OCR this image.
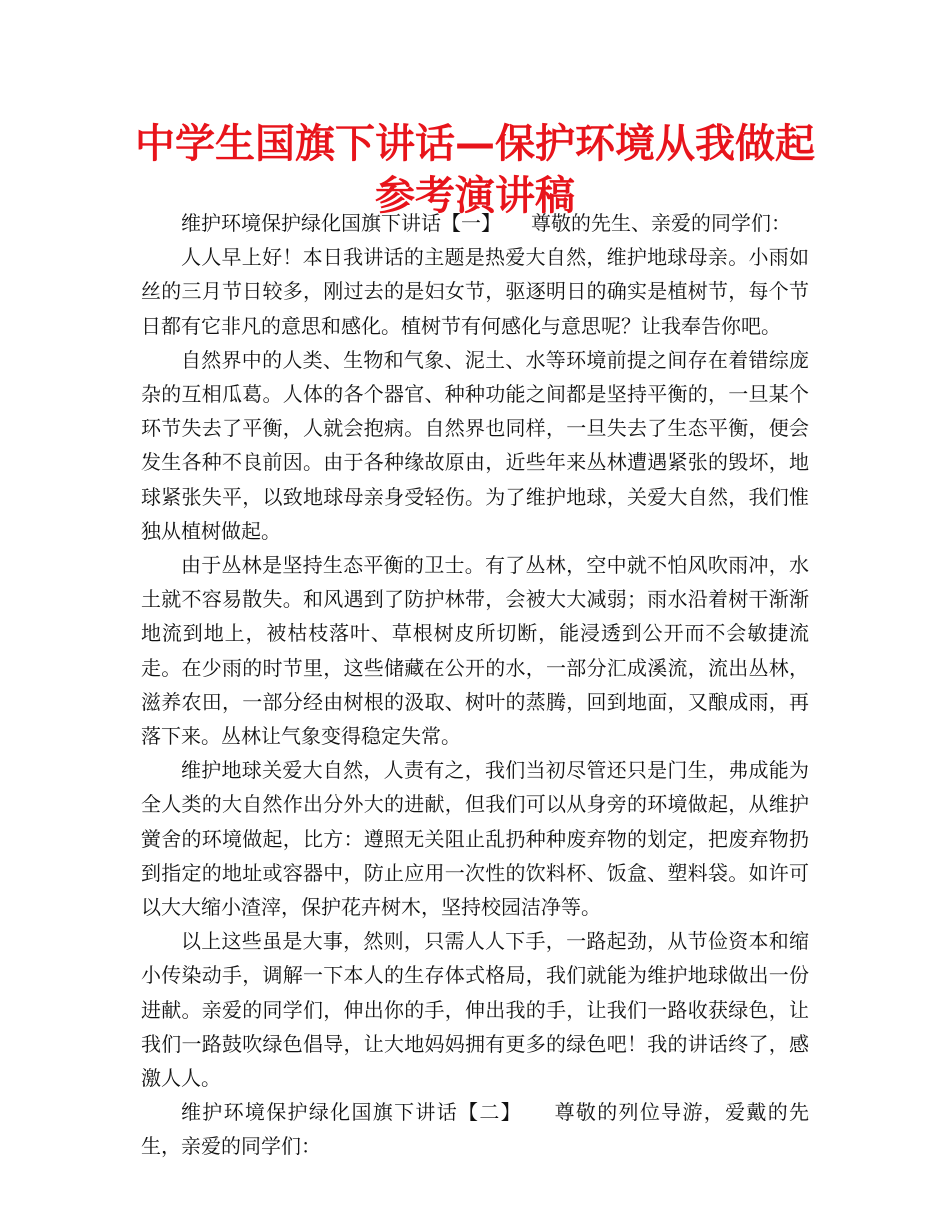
中学生国旗下讲话—保护环境从我做起参考演讲稿

维护环境保护绿化国旗下讲话【一】　　尊敬的先生、亲爱的同学们：

人人早上好！本日我讲话的主题是热爱大自然，维护地球母亲。小雨如丝的三月节日较多，刚过去的是妇女节，驱逐明日的确实是植树节，每个节日都有它非凡的意思和感化。植树节有何感化与意思呢？让我奉告你吧。

自然界中的人类、生物和气象、泥土、水等环境前提之间存在着错综庞杂的互相瓜葛。人体的各个器官、种种功能之间都是坚持平衡的，一旦某个环节失去了平衡，人就会抱病。自然界也同样，一旦失去了生态平衡，便会发生各种不良前因。由于各种缘故原由，近些年来丛林遭遇紧张的毁坏，地球紧张失平，以致地球母亲身受轻伤。为了维护地球，关爱大自然，我们惟独从植树做起。

由于丛林是坚持生态平衡的卫士。有了丛林，空中就不怕风吹雨冲，水土就不容易散失。和风遇到了防护林带，会被大大减弱；雨水沿着树干渐渐地流到地上，被枯枝落叶、草根树皮所切断，能浸透到公开而不会敏捷流走。在少雨的时节里，这些储藏在公开的水，一部分汇成溪流，流出丛林，滋养农田，一部分经由树根的汲取、树叶的蒸腾，回到地面，又酿成雨，再落下来。丛林让气象变得稳定失常。

维护地球关爱大自然，人责有之，我们当初尽管还只是门生，弗成能为全人类的大自然作出分外大的进献，但我们可以从身旁的环境做起，从维护黉舍的环境做起，比方：遵照无关阻止乱扔种种废弃物的划定，把废弃物扔到指定的地址或容器中，防止应用一次性的饮料杯、饭盒、塑料袋。如许可以大大缩小渣滓，保护花卉树木，坚持校园洁净等。

以上这些虽是大事，然则，只需人人下手，一路起劲，从节俭资本和缩小传染动手，调解一下本人的生存体式格局，我们就能为维护地球做出一份进献。亲爱的同学们，伸出你的手，伸出我的手，让我们一路收获绿色，让我们一路鼓吹绿色倡导，让大地妈妈拥有更多的绿色吧！我的讲话终了，感激人人。

维护环境保护绿化国旗下讲话【二】　　尊敬的列位导游，爱戴的先生，亲爱的同学们：
